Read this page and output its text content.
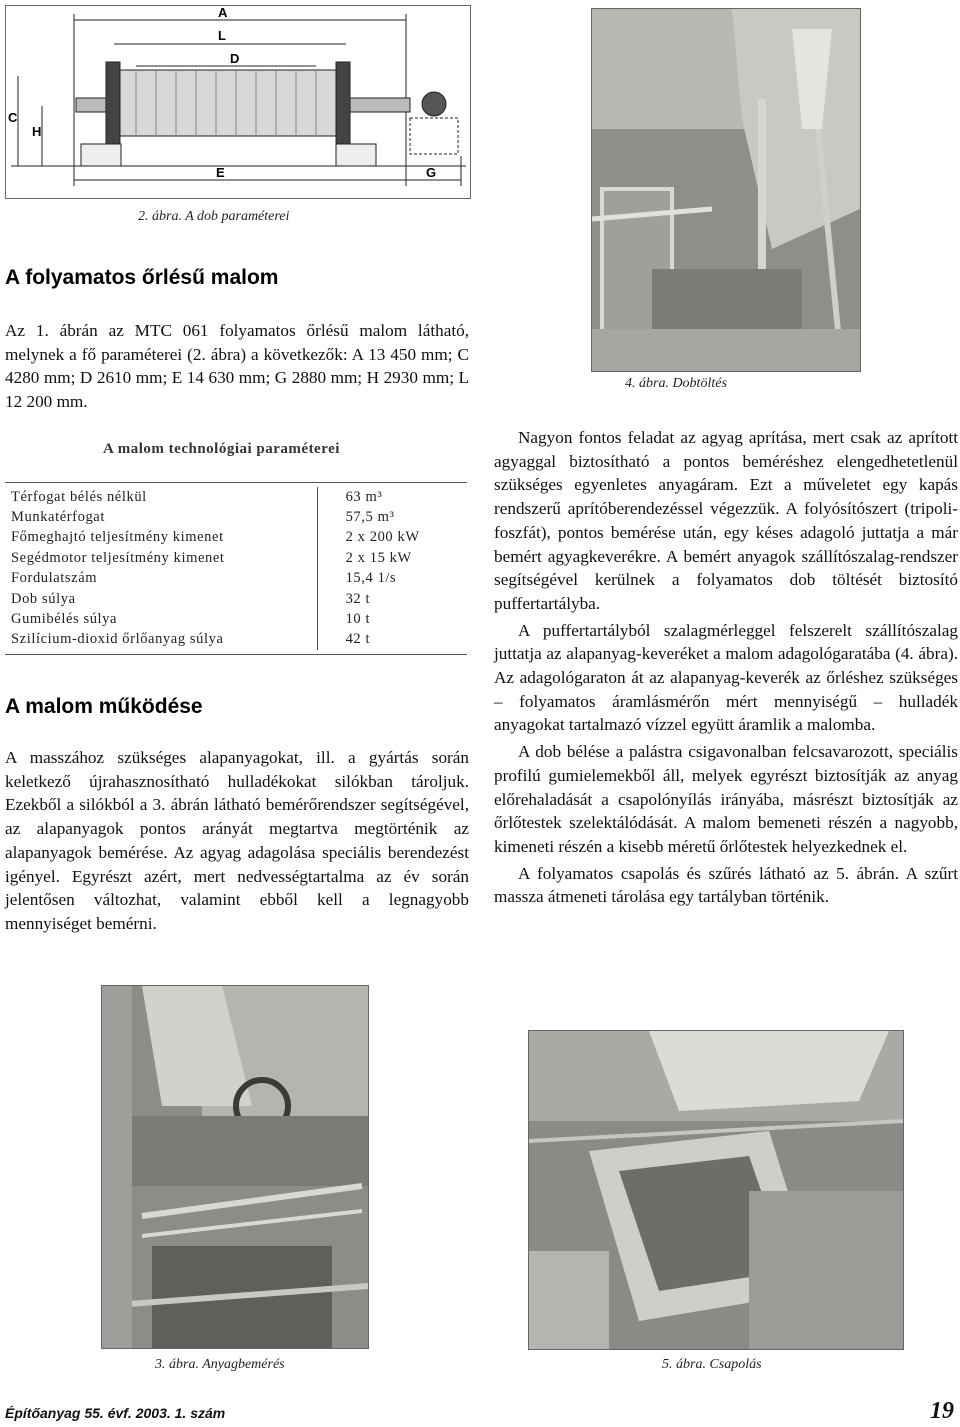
A
L
D
C
H
E	G
2. ábra. A dob paraméterei
A folyamatos őrlésű malom

Az 1. ábrán az MTC 061 folyamatos őrlésű malom látható, melynek a fő paraméterei (2. ábra) a következők: A 13 450 mm; C 4280 mm; D 2610 mm; E 14 630 mm; G 2880 mm; H 2930 mm; L 12 200 mm.

A malom technológiai paraméterei
Térfogat bélés nélkül	63 m³
Munkatérfogat	57,5 m³
Főmeghajtó teljesítmény kimenet	2 x 200 kW
Segédmotor teljesítmény kimenet	2 x 15 kW
Fordulatszám	15,4 1/s
Dob súlya	32 t
Gumibélés súlya	10 t
Szilícium-dioxid őrlőanyag súlya	42 t
A malom működése

A masszához szükséges alapanyagokat, ill. a gyártás során keletkező újrahasznosítható hulladékokat silókban tároljuk. Ezekből a silókból a 3. ábrán látható bemérőrendszer segítségével, az alapanyagok pontos arányát megtartva megtörténik az alapanyagok bemérése. Az agyag adagolása speciális berendezést igényel. Egyrészt azért, mert nedvességtartalma az év során jelentősen változhat, valamint ebből kell a legnagyobb mennyiséget bemérni.

4. ábra. Dobtöltés

Nagyon fontos feladat az agyag aprítása, mert csak az aprított agyaggal biztosítható a pontos beméréshez elengedhetetlenül szükséges egyenletes anyagáram. Ezt a műveletet egy kapás rendszerű aprítóberendezéssel végezzük. A folyósítószert (tripoli-foszfát), pontos bemérése után, egy késes adagoló juttatja a már bemért agyagkeverékre. A bemért anyagok szállítószalag-rendszer segítségével kerülnek a folyamatos dob töltését biztosító puffertartályba.

A puffertartályból szalagmérleggel felszerelt szállítószalag juttatja az alapanyag-keveréket a malom adagológaratába (4. ábra). Az adagológaraton át az alapanyag-keverék az őrléshez szükséges – folyamatos áramlásmérőn mért mennyiségű – hulladék anyagokat tartalmazó vízzel együtt áramlik a malomba.

A dob bélése a palástra csigavonalban felcsavarozott, speciális profilú gumielemekből áll, melyek egyrészt biztosítják az anyag előrehaladását a csapolónyílás irányába, másrészt biztosítják az őrlőtestek szelektálódását. A malom bemeneti részén a nagyobb, kimeneti részén a kisebb méretű őrlőtestek helyezkednek el.

A folyamatos csapolás és szűrés látható az 5. ábrán. A szűrt massza átmeneti tárolása egy tartályban történik.

3. ábra. Anyagbemérés	5. ábra. Csapolás
Építőanyag 55. évf. 2003. 1. szám	19
